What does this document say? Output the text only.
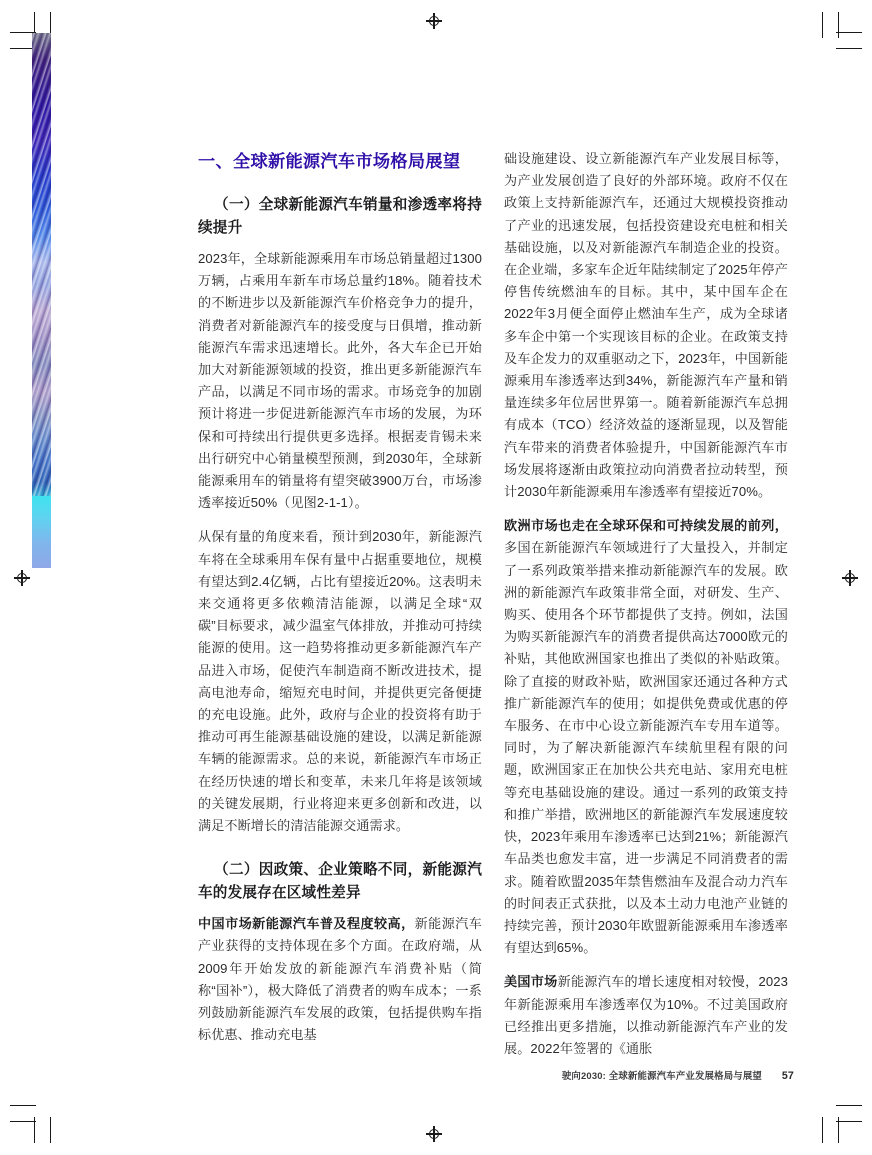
一、全球新能源汽车市场格局展望
（一）全球新能源汽车销量和渗透率将持续提升

2023年，全球新能源乘用车市场总销量超过1300万辆，占乘用车新车市场总量约18%。随着技术的不断进步以及新能源汽车价格竞争力的提升，消费者对新能源汽车的接受度与日俱增，推动新能源汽车需求迅速增长。此外，各大车企已开始加大对新能源领域的投资，推出更多新能源汽车产品，以满足不同市场的需求。市场竞争的加剧预计将进一步促进新能源汽车市场的发展，为环保和可持续出行提供更多选择。根据麦肯锡未来出行研究中心销量模型预测，到2030年，全球新能源乘用车的销量将有望突破3900万台，市场渗透率接近50%（见图2-1-1）。

从保有量的角度来看，预计到2030年，新能源汽车将在全球乘用车保有量中占据重要地位，规模有望达到2.4亿辆，占比有望接近20%。这表明未来交通将更多依赖清洁能源，以满足全球“双碳”目标要求，减少温室气体排放，并推动可持续能源的使用。这一趋势将推动更多新能源汽车产品进入市场，促使汽车制造商不断改进技术，提高电池寿命，缩短充电时间，并提供更完备便捷的充电设施。此外，政府与企业的投资将有助于推动可再生能源基础设施的建设，以满足新能源车辆的能源需求。总的来说，新能源汽车市场正在经历快速的增长和变革，未来几年将是该领域的关键发展期，行业将迎来更多创新和改进，以满足不断增长的清洁能源交通需求。

（二）因政策、企业策略不同，新能源汽车的发展存在区域性差异

中国市场新能源汽车普及程度较高，新能源汽车产业获得的支持体现在多个方面。在政府端，从2009年开始发放的新能源汽车消费补贴（简称“国补”），极大降低了消费者的购车成本；一系列鼓励新能源汽车发展的政策，包括提供购车指标优惠、推动充电基

础设施建设、设立新能源汽车产业发展目标等，为产业发展创造了良好的外部环境。政府不仅在政策上支持新能源汽车，还通过大规模投资推动了产业的迅速发展，包括投资建设充电桩和相关基础设施，以及对新能源汽车制造企业的投资。在企业端，多家车企近年陆续制定了2025年停产停售传统燃油车的目标。其中，某中国车企在2022年3月便全面停止燃油车生产，成为全球诸多车企中第一个实现该目标的企业。在政策支持及车企发力的双重驱动之下，2023年，中国新能源乘用车渗透率达到34%，新能源汽车产量和销量连续多年位居世界第一。随着新能源汽车总拥有成本（TCO）经济效益的逐渐显现，以及智能汽车带来的消费者体验提升，中国新能源汽车市场发展将逐渐由政策拉动向消费者拉动转型，预计2030年新能源乘用车渗透率有望接近70%。

欧洲市场也走在全球环保和可持续发展的前列，多国在新能源汽车领域进行了大量投入，并制定了一系列政策举措来推动新能源汽车的发展。欧洲的新能源汽车政策非常全面，对研发、生产、购买、使用各个环节都提供了支持。例如，法国为购买新能源汽车的消费者提供高达7000欧元的补贴，其他欧洲国家也推出了类似的补贴政策。除了直接的财政补贴，欧洲国家还通过各种方式推广新能源汽车的使用；如提供免费或优惠的停车服务、在市中心设立新能源汽车专用车道等。同时，为了解决新能源汽车续航里程有限的问题，欧洲国家正在加快公共充电站、家用充电桩等充电基础设施的建设。通过一系列的政策支持和推广举措，欧洲地区的新能源汽车发展速度较快，2023年乘用车渗透率已达到21%；新能源汽车品类也愈发丰富，进一步满足不同消费者的需求。随着欧盟2035年禁售燃油车及混合动力汽车的时间表正式获批，以及本土动力电池产业链的持续完善，预计2030年欧盟新能源乘用车渗透率有望达到65%。

美国市场新能源汽车的增长速度相对较慢，2023年新能源乘用车渗透率仅为10%。不过美国政府已经推出更多措施，以推动新能源汽车产业的发展。2022年签署的《通胀

驶向2030: 全球新能源汽车产业发展格局与展望	57
